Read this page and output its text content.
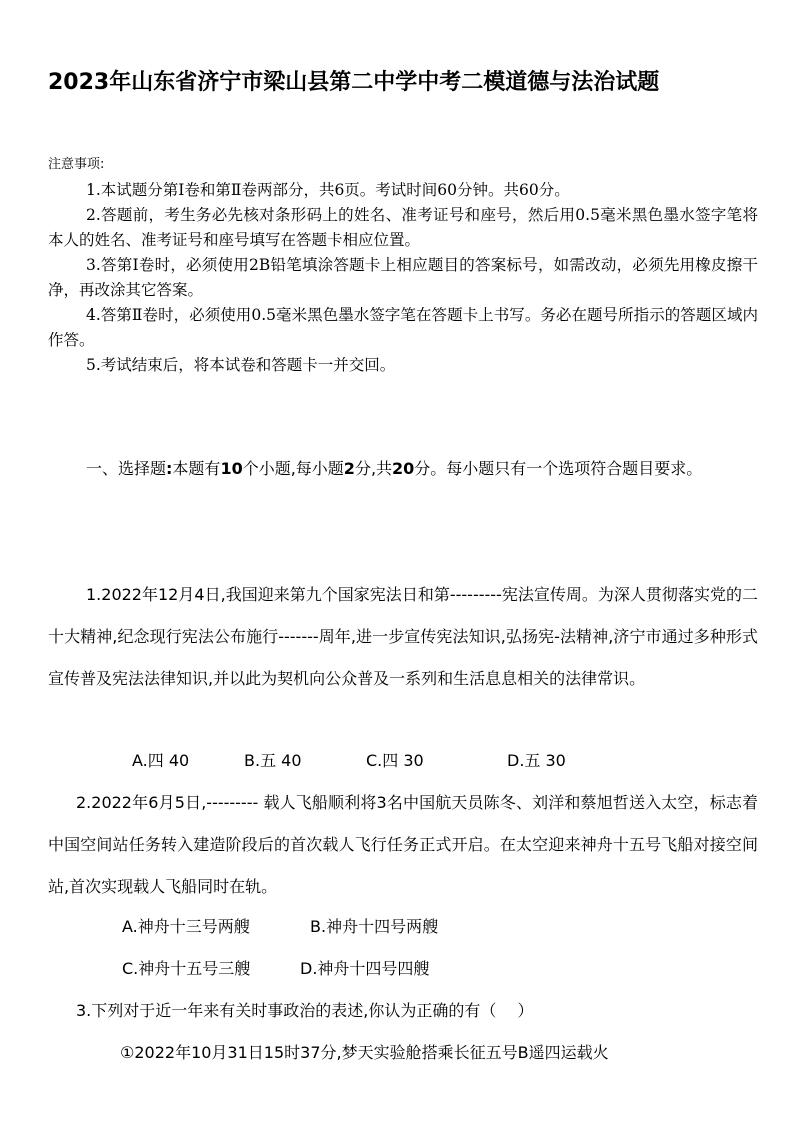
2023年山东省济宁市梁山县第二中学中考二模道德与法治试题
注意事项:

1.本试题分第Ⅰ卷和第Ⅱ卷两部分，共6页。考试时间60分钟。共60分。

2.答题前，考生务必先核对条形码上的姓名、准考证号和座号，然后用0.5毫米黑色墨水签字笔将本人的姓名、准考证号和座号填写在答题卡相应位置。

3.答第Ⅰ卷时，必须使用2B铅笔填涂答题卡上相应题目的答案标号，如需改动，必须先用橡皮擦干净，再改涂其它答案。

4.答第Ⅱ卷时，必须使用0.5毫米黑色墨水签字笔在答题卡上书写。务必在题号所指示的答题区域内作答。

5.考试结束后，将本试卷和答题卡一并交回。

一、选择题:本题有10个小题,每小题2分,共20分。每小题只有一个选项符合题目要求。

1.2022年12月4日,我国迎来第九个国家宪法日和第---------宪法宣传周。为深人贯彻落实党的二十大精神,纪念现行宪法公布施行-------周年,进一步宣传宪法知识,弘扬宪-法精神,济宁市通过多种形式宣传普及宪法法律知识,并以此为契机向公众普及一系列和生活息息相关的法律常识。

A.四 40	B.五 40	C.四 30	D.五 30

2.2022年6月5日,--------- 载人飞船顺利将3名中国航天员陈冬、刘洋和蔡旭哲送入太空，标志着中国空间站任务转入建造阶段后的首次载人飞行任务正式开启。在太空迎来神舟十五号飞船对接空间站,首次实现载人飞船同时在轨。

A.神舟十三号两艘	B.神舟十四号两艘
C.神舟十五号三艘	D.神舟十四号四艘

3.下列对于近一年来有关时事政治的表述,你认为正确的有（　 ）

①2022年10月31日15时37分,梦天实验舱搭乘长征五号B遥四运载火
